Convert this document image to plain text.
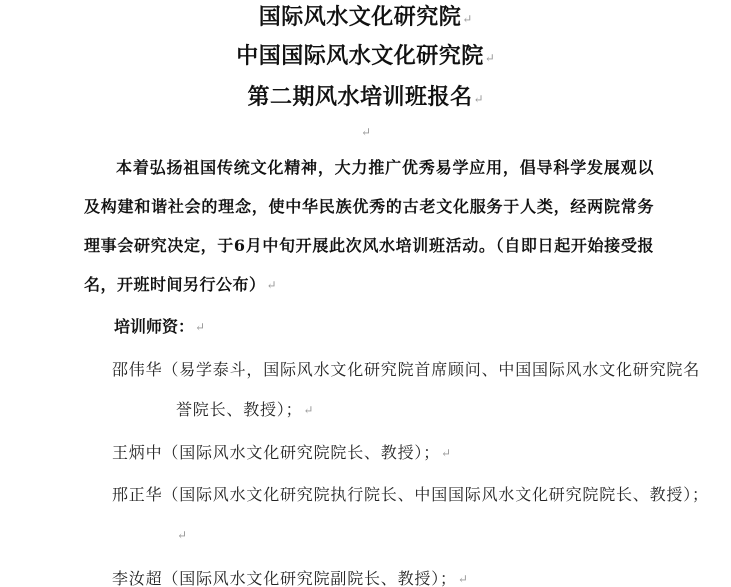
国际风水文化研究院↵
中国国际风水文化研究院↵
第二期风水培训班报名↵
↵
本着弘扬祖国传统文化精神，大力推广优秀易学应用，倡导科学发展观以及构建和谐社会的理念，使中华民族优秀的古老文化服务于人类，经两院常务理事会研究决定，于6月中旬开展此次风水培训班活动。（自即日起开始接受报名，开班时间另行公布）↵
培训师资：↵
邵伟华（易学泰斗，国际风水文化研究院首席顾问、中国国际风水文化研究院名誉院长、教授）；↵
王炳中（国际风水文化研究院院长、教授）；↵
邢正华（国际风水文化研究院执行院长、中国国际风水文化研究院院长、教授）；↵
李汝超（国际风水文化研究院副院长、教授）；↵
